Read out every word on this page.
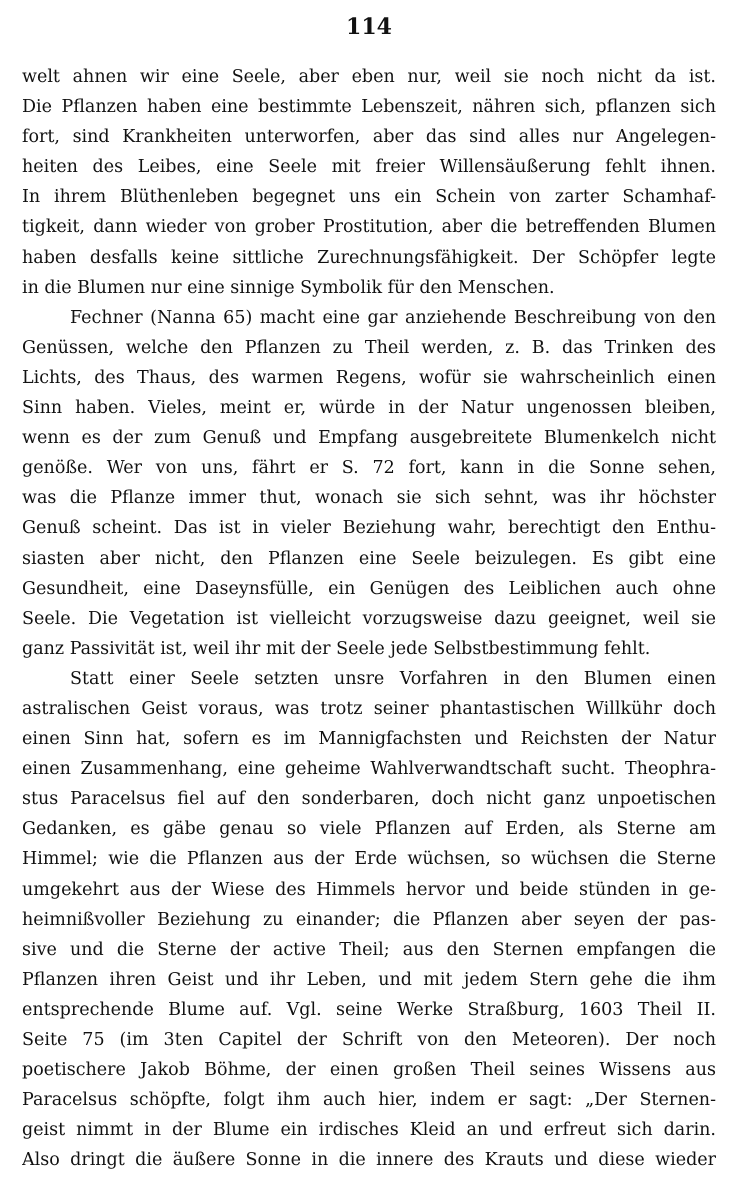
114
welt ahnen wir eine Seele, aber eben nur, weil sie noch nicht da ist.
Die Pflanzen haben eine bestimmte Lebenszeit, nähren sich, pflanzen sich
fort, sind Krankheiten unterworfen, aber das sind alles nur Angelegen-
heiten des Leibes, eine Seele mit freier Willensäußerung fehlt ihnen.
In ihrem Blüthenleben begegnet uns ein Schein von zarter Schamhaf-
tigkeit, dann wieder von grober Prostitution, aber die betreffenden Blumen
haben desfalls keine sittliche Zurechnungsfähigkeit. Der Schöpfer legte
in die Blumen nur eine sinnige Symbolik für den Menschen.
Fechner (Nanna 65) macht eine gar anziehende Beschreibung von den
Genüssen, welche den Pflanzen zu Theil werden, z. B. das Trinken des
Lichts, des Thaus, des warmen Regens, wofür sie wahrscheinlich einen
Sinn haben. Vieles, meint er, würde in der Natur ungenossen bleiben,
wenn es der zum Genuß und Empfang ausgebreitete Blumenkelch nicht
genöße. Wer von uns, fährt er S. 72 fort, kann in die Sonne sehen,
was die Pflanze immer thut, wonach sie sich sehnt, was ihr höchster
Genuß scheint. Das ist in vieler Beziehung wahr, berechtigt den Enthu-
siasten aber nicht, den Pflanzen eine Seele beizulegen. Es gibt eine
Gesundheit, eine Daseynsfülle, ein Genügen des Leiblichen auch ohne
Seele. Die Vegetation ist vielleicht vorzugsweise dazu geeignet, weil sie
ganz Passivität ist, weil ihr mit der Seele jede Selbstbestimmung fehlt.
Statt einer Seele setzten unsre Vorfahren in den Blumen einen
astralischen Geist voraus, was trotz seiner phantastischen Willkühr doch
einen Sinn hat, sofern es im Mannigfachsten und Reichsten der Natur
einen Zusammenhang, eine geheime Wahlverwandtschaft sucht. Theophra-
stus Paracelsus fiel auf den sonderbaren, doch nicht ganz unpoetischen
Gedanken, es gäbe genau so viele Pflanzen auf Erden, als Sterne am
Himmel; wie die Pflanzen aus der Erde wüchsen, so wüchsen die Sterne
umgekehrt aus der Wiese des Himmels hervor und beide stünden in ge-
heimnißvoller Beziehung zu einander; die Pflanzen aber seyen der pas-
sive und die Sterne der active Theil; aus den Sternen empfangen die
Pflanzen ihren Geist und ihr Leben, und mit jedem Stern gehe die ihm
entsprechende Blume auf. Vgl. seine Werke Straßburg, 1603 Theil II.
Seite 75 (im 3ten Capitel der Schrift von den Meteoren). Der noch
poetischere Jakob Böhme, der einen großen Theil seines Wissens aus
Paracelsus schöpfte, folgt ihm auch hier, indem er sagt: „Der Sternen-
geist nimmt in der Blume ein irdisches Kleid an und erfreut sich darin.
Also dringt die äußere Sonne in die innere des Krauts und diese wieder
